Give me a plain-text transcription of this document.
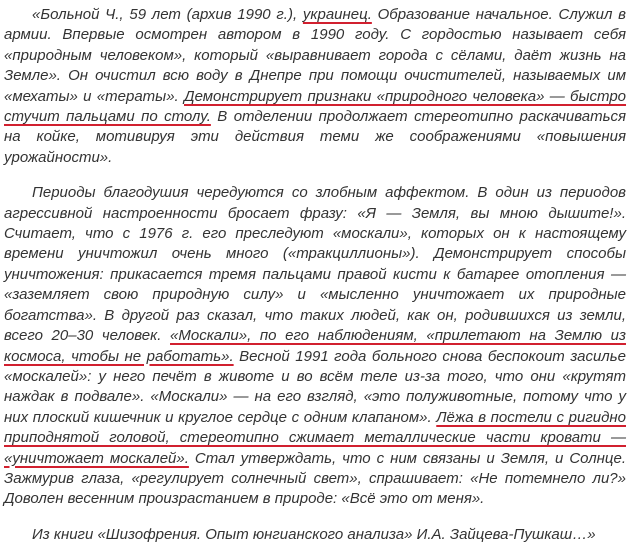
«Больной Ч., 59 лет (архив 1990 г.), украинец. Образование начальное. Служил в армии. Впервые осмотрен автором в 1990 году. С гордостью называет себя «природным человеком», который «выравнивает города с сёлами, даёт жизнь на Земле». Он очистил всю воду в Днепре при помощи очистителей, называемых им «мехаты» и «тераты». Демонстрирует признаки «природного человека» — быстро стучит пальцами по столу. В отделении продолжает стереотипно раскачиваться на койке, мотивируя эти действия теми же соображениями «повышения урожайности».

Периоды благодушия чередуются со злобным аффектом. В один из периодов агрессивной настроенности бросает фразу: «Я — Земля, вы мною дышите!». Считает, что с 1976 г. его преследуют «москали», которых он к настоящему времени уничтожил очень много («тракциллионы»). Демонстрирует способы уничтожения: прикасается тремя пальцами правой кисти к батарее отопления — «заземляет свою природную силу» и «мысленно уничтожает их природные богатства». В другой раз сказал, что таких людей, как он, родившихся из земли, всего 20–30 человек. «Москали», по его наблюдениям, «прилетают на Землю из космоса, чтобы не работать». Весной 1991 года больного снова беспокоит засилье «москалей»: у него печёт в животе и во всём теле из-за того, что они «крутят наждак в подвале». «Москали» — на его взгляд, «это полуживотные, потому что у них плоский кишечник и круглое сердце с одним клапаном». Лёжа в постели с ригидно приподнятой головой, стереотипно сжимает металлические части кровати — «уничтожает москалей». Стал утверждать, что с ним связаны и Земля, и Солнце. Зажмурив глаза, «регулирует солнечный свет», спрашивает: «Не потемнело ли?» Доволен весенним произрастанием в природе: «Всё это от меня».

Из книги «Шизофрения. Опыт юнгианского анализа» И.А. Зайцева-Пушкаш…»
